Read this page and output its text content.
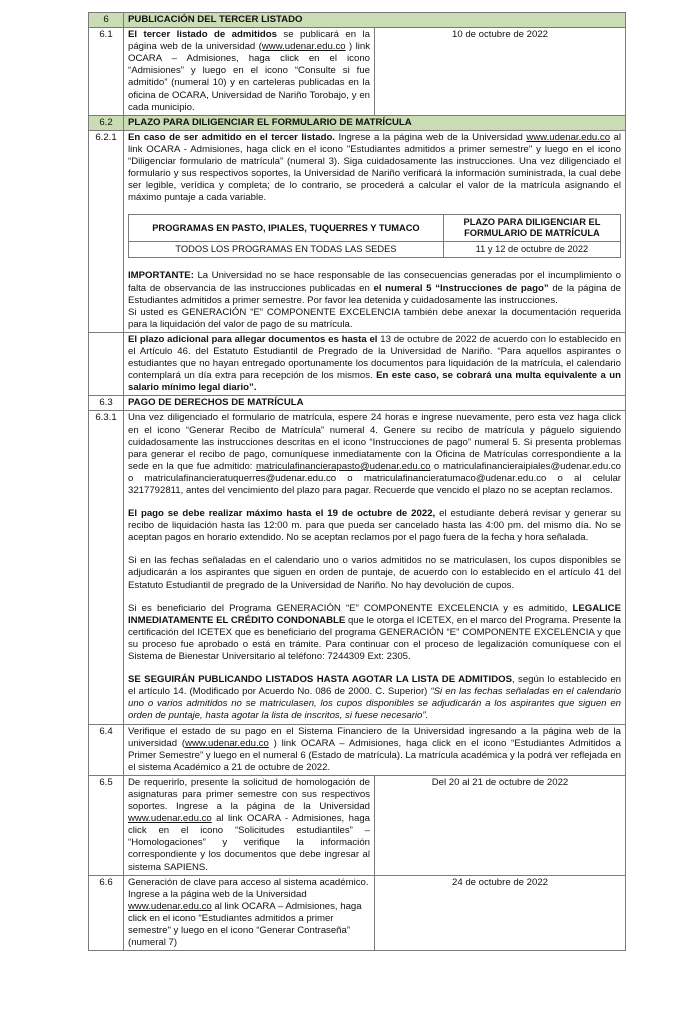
6	PUBLICACIÓN DEL TERCER LISTADO
6.1	El tercer listado de admitidos se publicará en la página web de la universidad (www.udenar.edu.co ) link OCARA – Admisiones, haga click en el icono “Admisiones” y luego en el icono “Consulte si fue admitido” (numeral 10) y en carteleras publicadas en la oficina de OCARA, Universidad de Nariño Torobajo, y en cada municipio.	10 de octubre de 2022
6.2	PLAZO PARA DILIGENCIAR EL FORMULARIO DE MATRÍCULA
6.2.1	En caso de ser admitido en el tercer listado. Ingrese a la página web de la Universidad www.udenar.edu.co al link OCARA - Admisiones, haga click en el icono "Estudiantes admitidos a primer semestre" y luego en el icono “Diligenciar formulario de matrícula” (numeral 3). Siga cuidadosamente las instrucciones. Una vez diligenciado el formulario y sus respectivos soportes, la Universidad de Nariño verificará la información suministrada, la cual debe ser legible, verídica y completa; de lo contrario, se procederá a calcular el valor de la matrícula asignando el máximo puntaje a cada variable.

PROGRAMAS EN PASTO, IPIALES, TUQUERRES Y TUMACO	PLAZO PARA DILIGENCIAR EL FORMULARIO DE MATRÍCULA
TODOS LOS PROGRAMAS EN TODAS LAS SEDES	11 y 12 de octubre de 2022

IMPORTANTE: La Universidad no se hace responsable de las consecuencias generadas por el incumplimiento o falta de observancia de las instrucciones publicadas en el numeral 5 “Instrucciones de pago” de la página de Estudiantes admitidos a primer semestre. Por favor lea detenida y cuidadosamente las instrucciones.

Si usted es GENERACIÓN “E” COMPONENTE EXCELENCIA también debe anexar la documentación requerida para la liquidación del valor de pago de su matrícula.

	El plazo adicional para allegar documentos es hasta el 13 de octubre de 2022 de acuerdo con lo establecido en el Artículo 46. del Estatuto Estudiantil de Pregrado de la Universidad de Nariño. “Para aquellos aspirantes o estudiantes que no hayan entregado oportunamente los documentos para liquidación de la matrícula, el calendario contemplará un día extra para recepción de los mismos. En este caso, se cobrará una multa equivalente a un salario mínimo legal diario”.
6.3	PAGO DE DERECHOS DE MATRÍCULA
6.3.1	Una vez diligenciado el formulario de matrícula, espere 24 horas e ingrese nuevamente, pero esta vez haga click en el icono “Generar Recibo de Matrícula” numeral 4. Genere su recibo de matrícula y páguelo siguiendo cuidadosamente las instrucciones descritas en el icono “Instrucciones de pago” numeral 5. Si presenta problemas para generar el recibo de pago, comuníquese inmediatamente con la Oficina de Matrículas correspondiente a la sede en la que fue admitido: matriculafinancierapasto@udenar.edu.co o matriculafinancieraipiales@udenar.edu.co o matriculafinancieratuquerres@udenar.edu.co o matriculafinancieratumaco@udenar.edu.co o al celular 3217792811, antes del vencimiento del plazo para pagar. Recuerde que vencido el plazo no se aceptan reclamos.

El pago se debe realizar máximo hasta el 19 de octubre de 2022, el estudiante deberá revisar y generar su recibo de liquidación hasta las 12:00 m. para que pueda ser cancelado hasta las 4:00 pm. del mismo día. No se aceptan pagos en horario extendido. No se aceptan reclamos por el pago fuera de la fecha y hora señalada.

Si en las fechas señaladas en el calendario uno o varios admitidos no se matriculasen, los cupos disponibles se adjudicarán a los aspirantes que siguen en orden de puntaje, de acuerdo con lo establecido en el artículo 41 del Estatuto Estudiantil de pregrado de la Universidad de Nariño. No hay devolución de cupos.

Si es beneficiario del Programa GENERACIÓN “E” COMPONENTE EXCELENCIA y es admitido, LEGALICE INMEDIATAMENTE EL CRÉDITO CONDONABLE que le otorga el ICETEX, en el marco del Programa. Presente la certificación del ICETEX que es beneficiario del programa GENERACIÓN “E” COMPONENTE EXCELENCIA y que su proceso fue aprobado o está en trámite. Para continuar con el proceso de legalización comuníquese con el Sistema de Bienestar Universitario al teléfono: 7244309 Ext: 2305.

SE SEGUIRÁN PUBLICANDO LISTADOS HASTA AGOTAR LA LISTA DE ADMITIDOS, según lo establecido en el artículo 14. (Modificado por Acuerdo No. 086 de 2000. C. Superior) “Si en las fechas señaladas en el calendario uno o varios admitidos no se matriculasen, los cupos disponibles se adjudicarán a los aspirantes que siguen en orden de puntaje, hasta agotar la lista de inscritos, si fuese necesario”.

6.4	Verifique el estado de su pago en el Sistema Financiero de la Universidad ingresando a la página web de la universidad (www.udenar.edu.co ) link OCARA – Admisiones, haga click en el icono “Estudiantes Admitidos a Primer Semestre” y luego en el numeral 6 (Estado de matrícula). La matrícula académica y la podrá ver reflejada en el sistema Académico a 21 de octubre de 2022.
6.5	De requerirlo, presente la solicitud de homologación de asignaturas para primer semestre con sus respectivos soportes. Ingrese a la página de la Universidad www.udenar.edu.co al link OCARA - Admisiones, haga click en el icono “Solicitudes estudiantiles” – “Homologaciones” y verifique la información correspondiente y los documentos que debe ingresar al sistema SAPIENS.	Del 20 al 21 de octubre de 2022
6.6	Generación de clave para acceso al sistema académico. Ingrese a la página web de la Universidad www.udenar.edu.co al link OCARA – Admisiones, haga click en el icono "Estudiantes admitidos a primer semestre" y luego en el icono “Generar Contraseña” (numeral 7)	24 de octubre de 2022
